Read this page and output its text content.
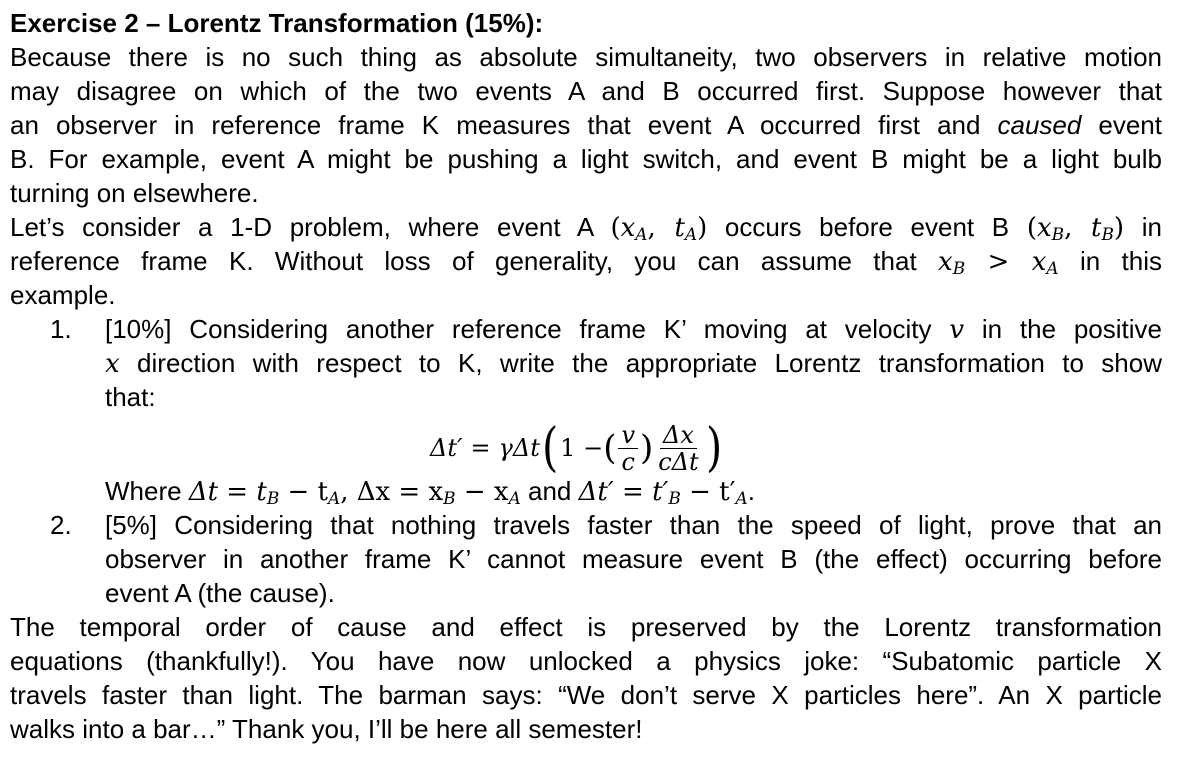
Exercise 2 – Lorentz Transformation (15%):
Because there is no such thing as absolute simultaneity, two observers in relative motion
may disagree on which of the two events A and B occurred first. Suppose however that
an observer in reference frame K measures that event A occurred first and caused event
B. For example, event A might be pushing a light switch, and event B might be a light bulb
turning on elsewhere.
Let’s consider a 1-D problem, where event A ($x_A$, $t_A$) occurs before event B ($x_B$, $t_B$) in
reference frame K. Without loss of generality, you can assume that $x_B > x_A$ in this
example.
1. [10%] Considering another reference frame K’ moving at velocity v in the positive
x direction with respect to K, write the appropriate Lorentz transformation to show
that:
Δt′ = γΔt ( 1 − ( $\frac{v}{c}$ ) $\frac{\Delta x}{\text{cΔt}}$ )
Where $\Delta t = t_B - t_A$, $\Delta x = x_B - x_A$ and $\Delta t' = t'_B - t'_A$.
2. [5%] Considering that nothing travels faster than the speed of light, prove that an
observer in another frame K’ cannot measure event B (the effect) occurring before
event A (the cause).
The temporal order of cause and effect is preserved by the Lorentz transformation
equations (thankfully!). You have now unlocked a physics joke: “Subatomic particle X
travels faster than light. The barman says: “We don’t serve X particles here”. An X particle
walks into a bar…” Thank you, I’ll be here all semester!
